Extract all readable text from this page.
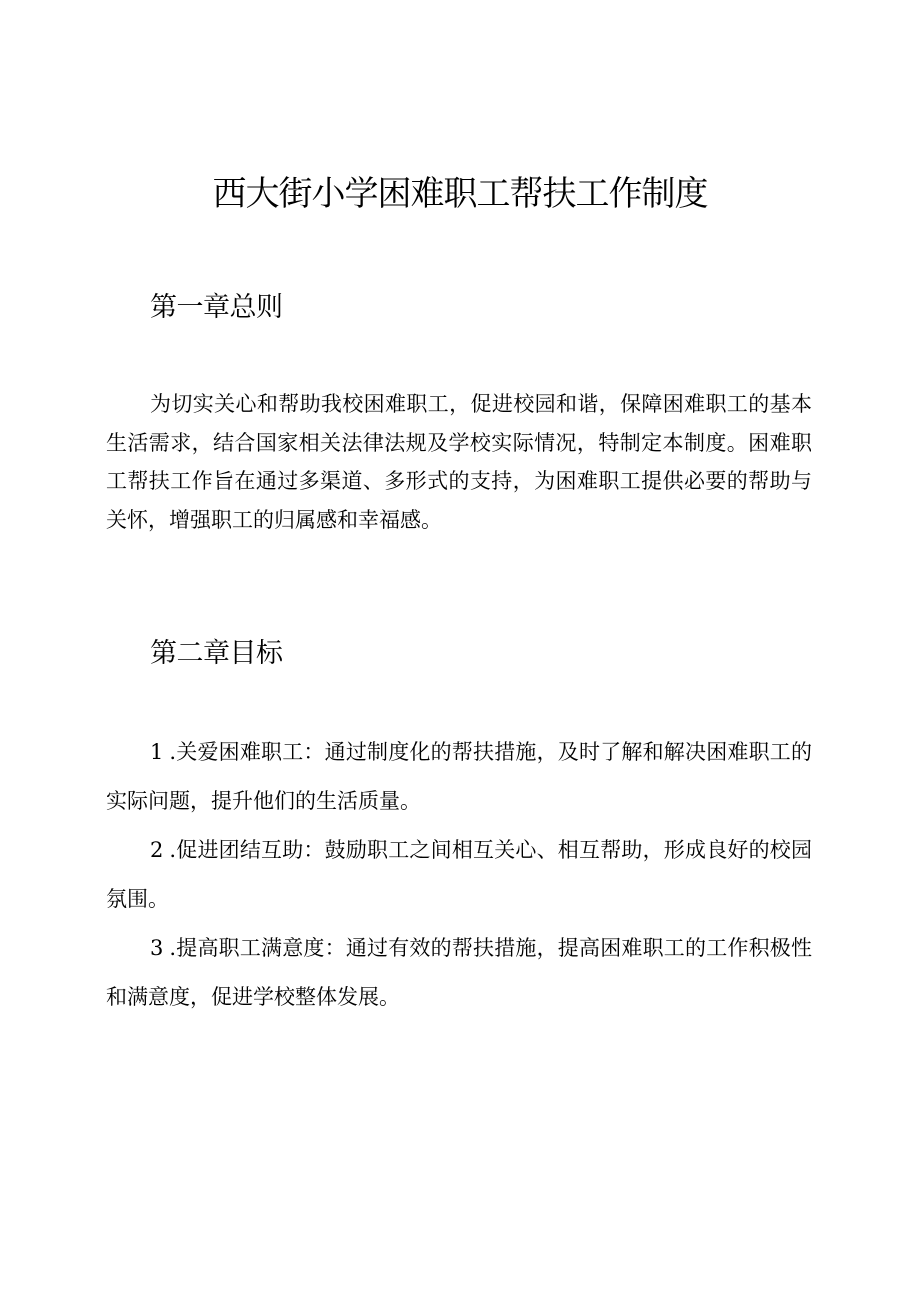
西大街小学困难职工帮扶工作制度
第一章总则

为切实关心和帮助我校困难职工，促进校园和谐，保障困难职工的基本生活需求，结合国家相关法律法规及学校实际情况，特制定本制度。困难职工帮扶工作旨在通过多渠道、多形式的支持，为困难职工提供必要的帮助与关怀，增强职工的归属感和幸福感。

第二章目标

1 .关爱困难职工：通过制度化的帮扶措施，及时了解和解决困难职工的实际问题，提升他们的生活质量。

2 .促进团结互助：鼓励职工之间相互关心、相互帮助，形成良好的校园氛围。

3 .提高职工满意度：通过有效的帮扶措施，提高困难职工的工作积极性和满意度，促进学校整体发展。
